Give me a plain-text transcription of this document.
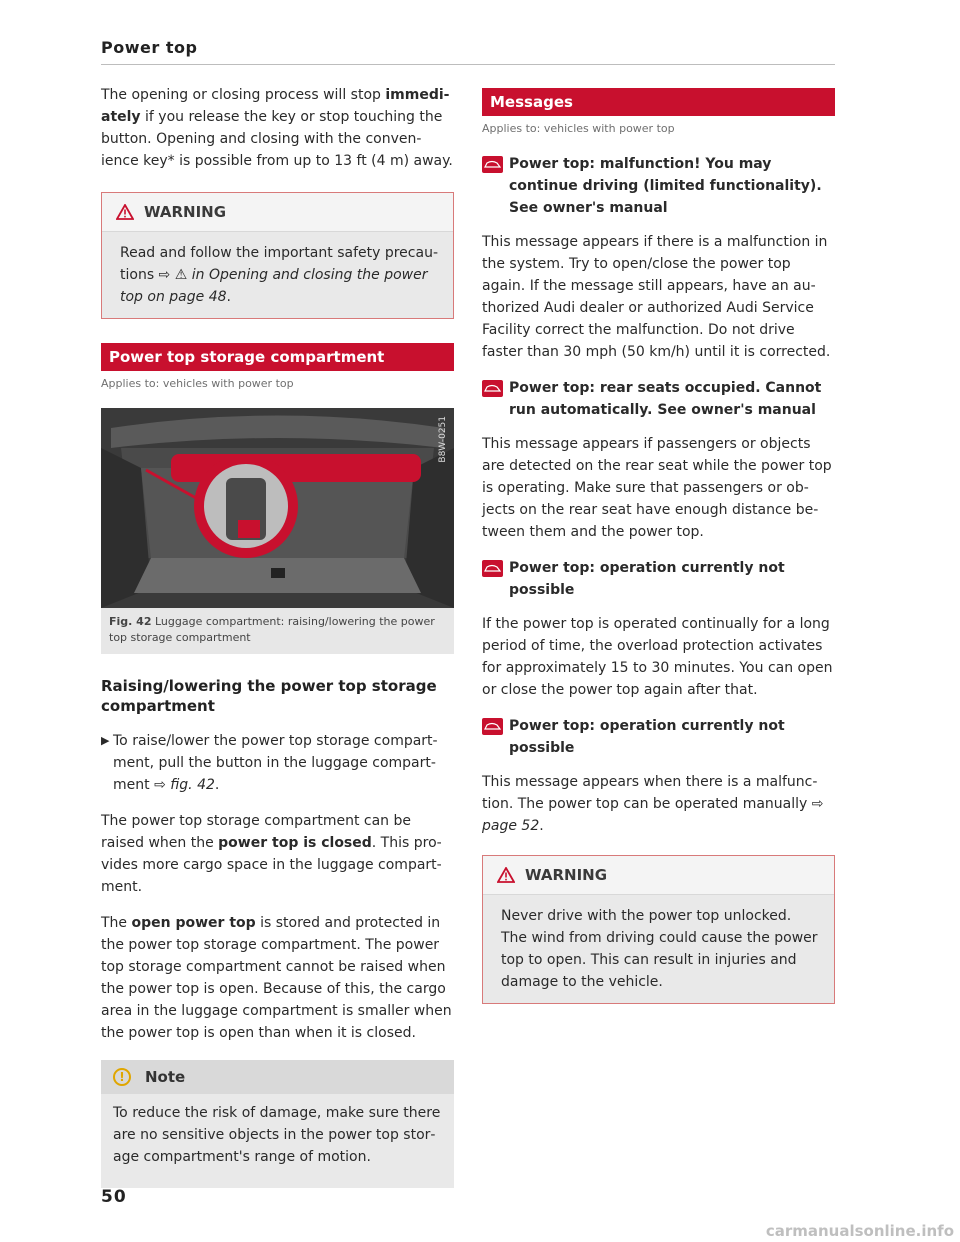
Power top

The opening or closing process will stop immediately if you release the key or stop touching the button. Opening and closing with the convenience key* is possible from up to 13 ft (4 m) away.

WARNING

Read and follow the important safety precautions ⇨ ⚠ in Opening and closing the power top on page 48.

Power top storage compartment
Applies to: vehicles with power top
B8W-0251
Fig. 42 Luggage compartment: raising/lowering the power top storage compartment
Raising/lowering the power top storage compartment
▶ To raise/lower the power top storage compartment, pull the button in the luggage compartment ⇨ fig. 42.

The power top storage compartment can be raised when the power top is closed. This provides more cargo space in the luggage compartment.

The open power top is stored and protected in the power top storage compartment. The power top storage compartment cannot be raised when the power top is open. Because of this, the cargo area in the luggage compartment is smaller when the power top is open than when it is closed.

!	Note

To reduce the risk of damage, make sure there are no sensitive objects in the power top storage compartment's range of motion.

Messages
Applies to: vehicles with power top
Power top: malfunction! You may continue driving (limited functionality). See owner's manual

This message appears if there is a malfunction in the system. Try to open/close the power top again. If the message still appears, have an authorized Audi dealer or authorized Audi Service Facility correct the malfunction. Do not drive faster than 30 mph (50 km/h) until it is corrected.

Power top: rear seats occupied. Cannot run automatically. See owner's manual

This message appears if passengers or objects are detected on the rear seat while the power top is operating. Make sure that passengers or objects on the rear seat have enough distance between them and the power top.

Power top: operation currently not possible

If the power top is operated continually for a long period of time, the overload protection activates for approximately 15 to 30 minutes. You can open or close the power top again after that.

Power top: operation currently not possible

This message appears when there is a malfunction. The power top can be operated manually ⇨ page 52.

WARNING

Never drive with the power top unlocked. The wind from driving could cause the power top to open. This can result in injuries and damage to the vehicle.

50
carmanualsonline.info
